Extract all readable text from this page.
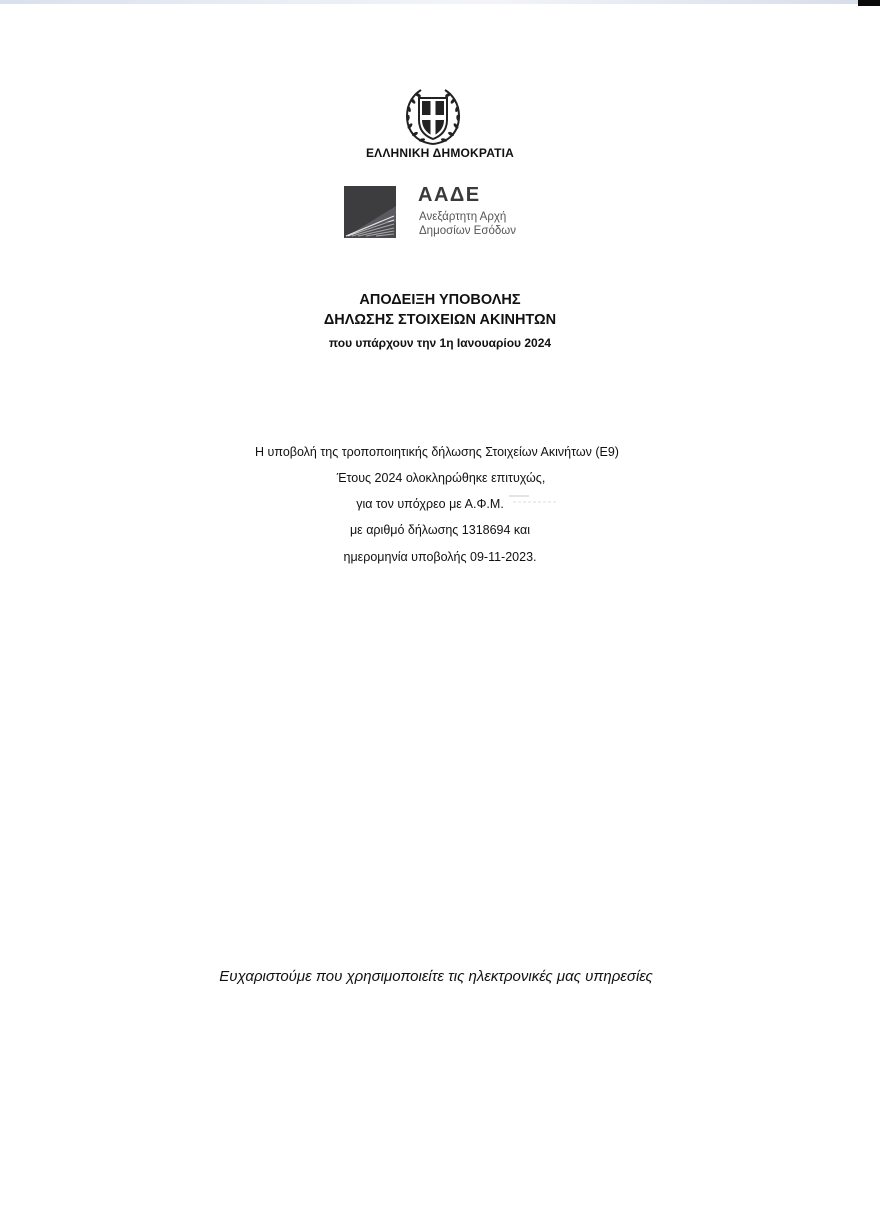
ΕΛΛΗΝΙΚΗ ΔΗΜΟΚΡΑΤΙΑ
ΑΑΔΕ
Ανεξάρτητη Αρχή
Δημοσίων Εσόδων
ΑΠΟΔΕΙΞΗ ΥΠΟΒΟΛΗΣ
ΔΗΛΩΣΗΣ ΣΤΟΙΧΕΙΩΝ ΑΚΙΝΗΤΩΝ
που υπάρχουν την 1η Ιανουαρίου 2024
Η υποβολή της τροποποιητικής δήλωσης Στοιχείων Ακινήτων (Ε9)
Έτους 2024 ολοκληρώθηκε επιτυχώς,
για τον υπόχρεο με Α.Φ.Μ.
με αριθμό δήλωσης 1318694 και
ημερομηνία υποβολής 09-11-2023.
Ευχαριστούμε που χρησιμοποιείτε τις ηλεκτρονικές μας υπηρεσίες
